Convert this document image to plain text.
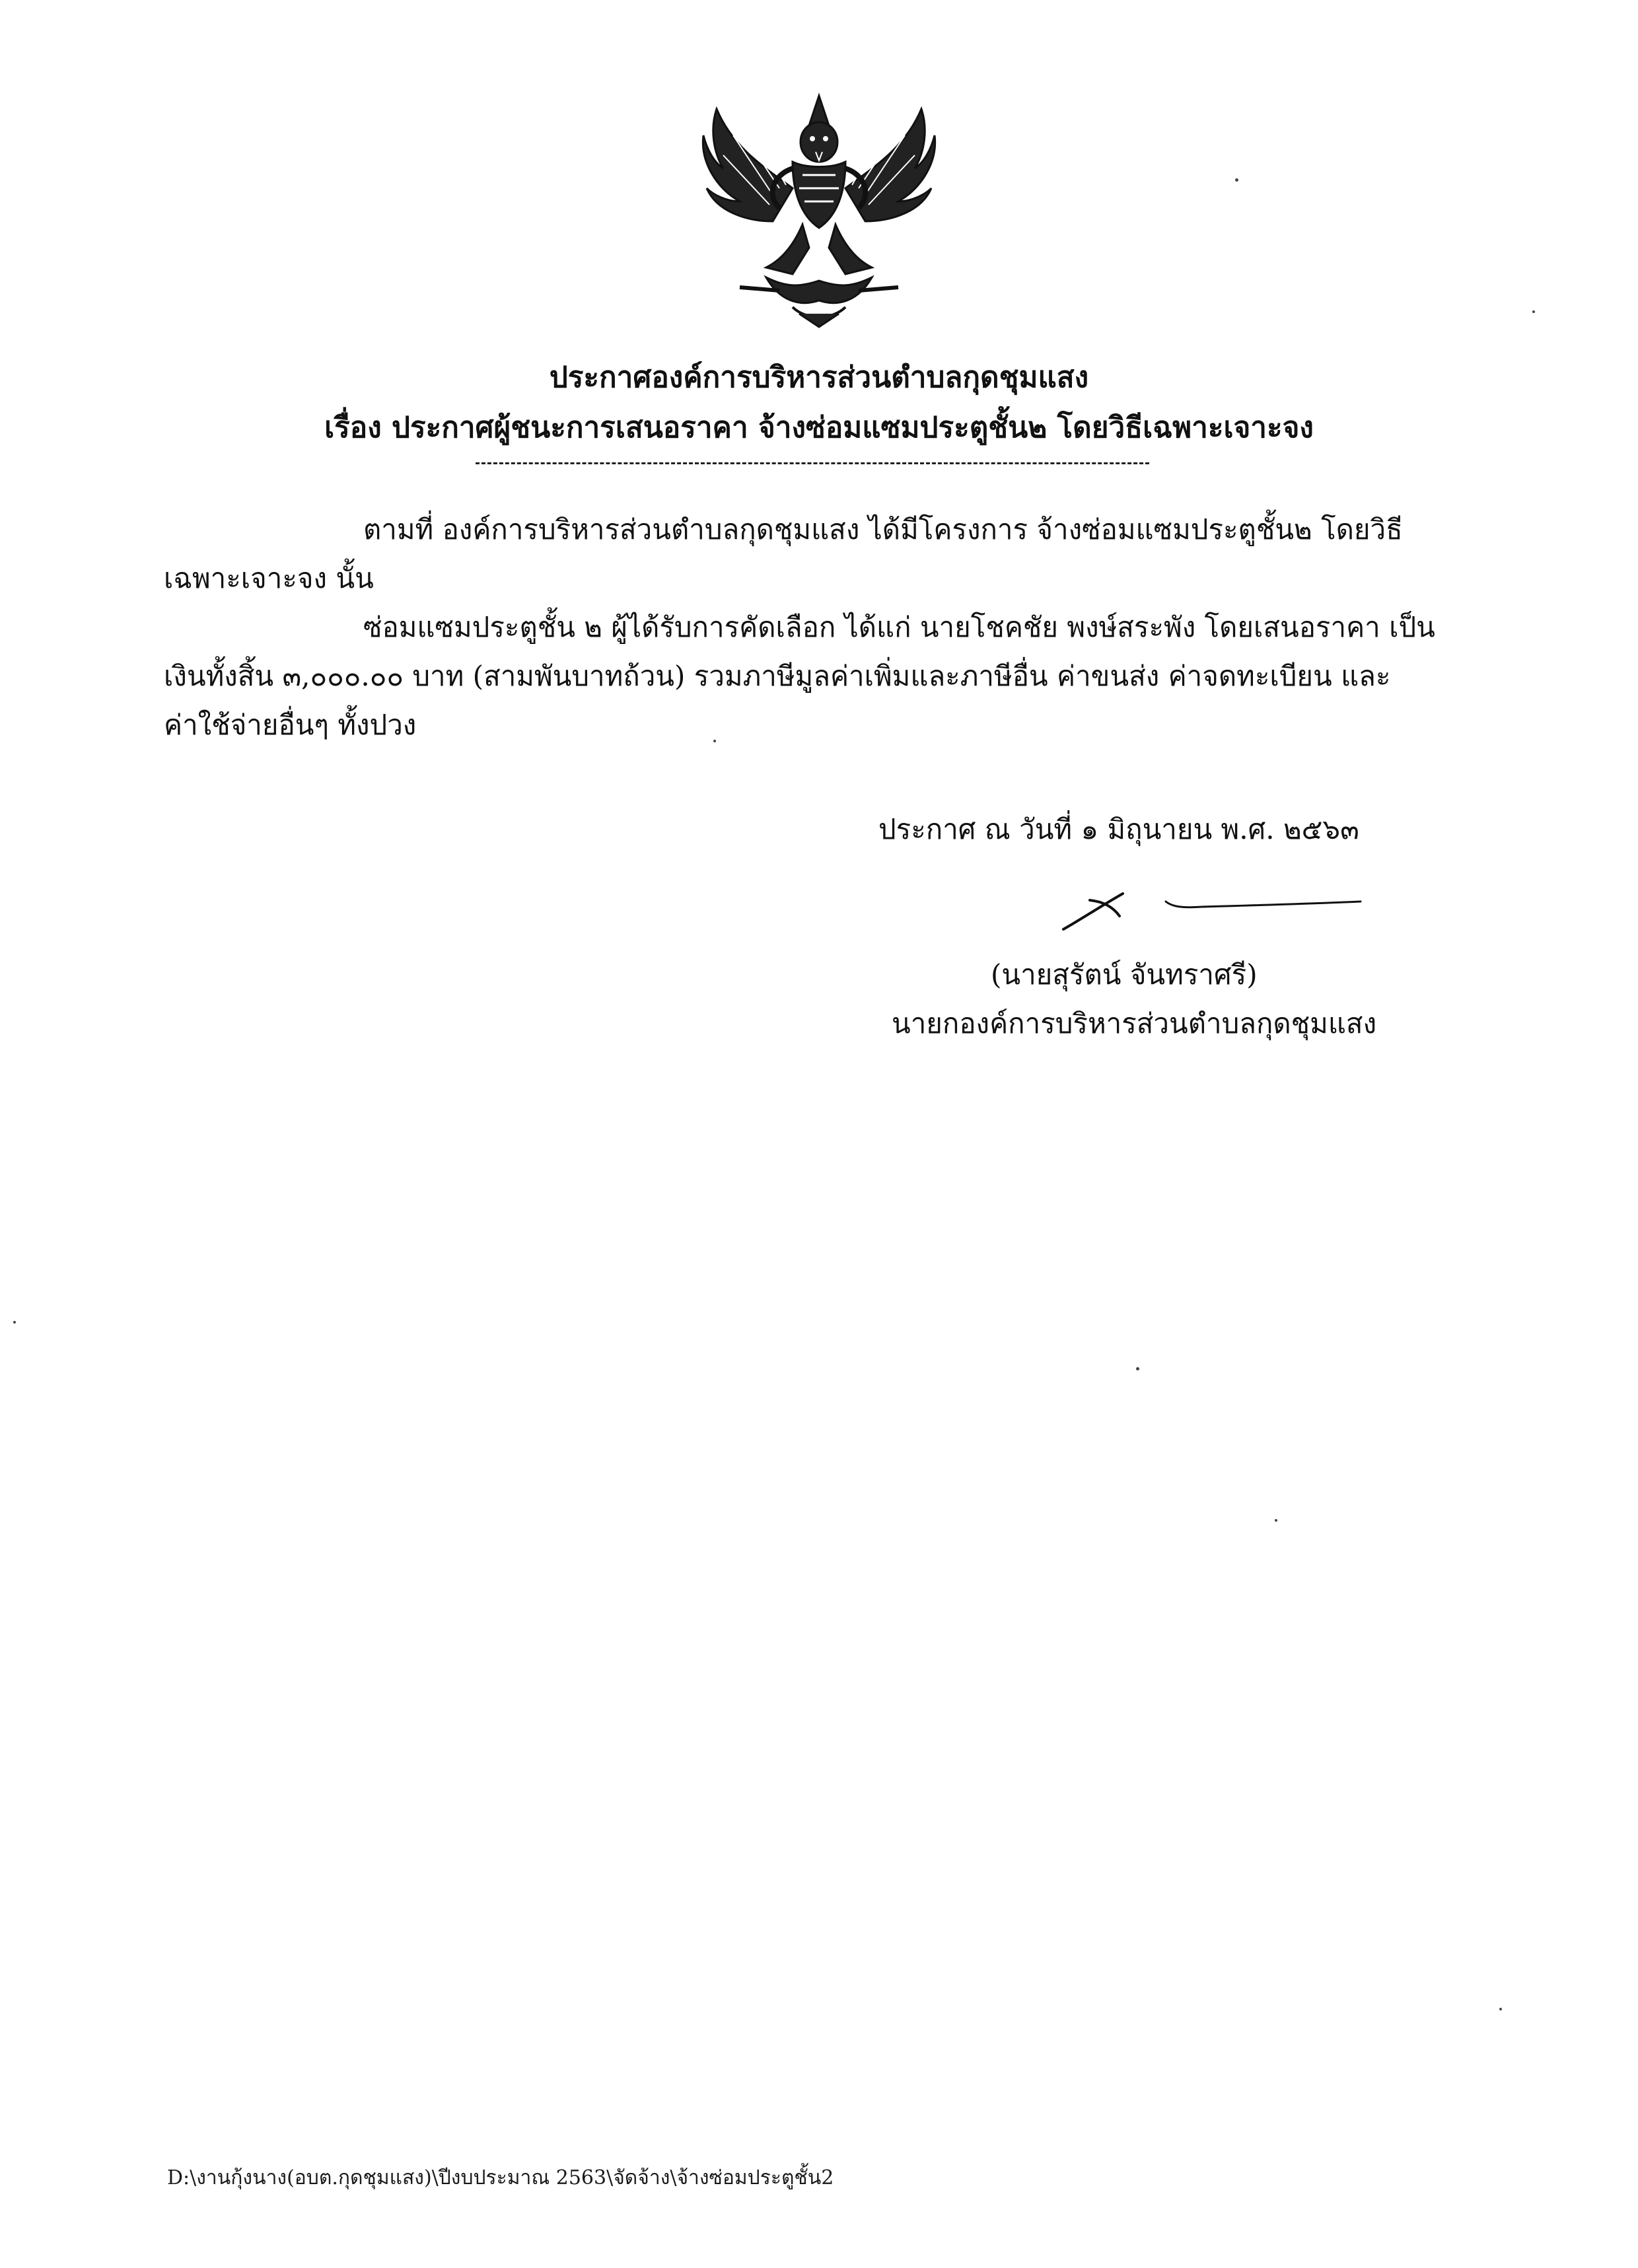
ประกาศองค์การบริหารส่วนตำบลกุดชุมแสง
เรื่อง ประกาศผู้ชนะการเสนอราคา จ้างซ่อมแซมประตูชั้น๒ โดยวิธีเฉพาะเจาะจง
ตามที่ องค์การบริหารส่วนตำบลกุดชุมแสง ได้มีโครงการ จ้างซ่อมแซมประตูชั้น๒ โดยวิธี
เฉพาะเจาะจง นั้น
ซ่อมแซมประตูชั้น ๒ ผู้ได้รับการคัดเลือก ได้แก่ นายโชคชัย พงษ์สระพัง โดยเสนอราคา เป็น
เงินทั้งสิ้น ๓,๐๐๐.๐๐ บาท (สามพันบาทถ้วน) รวมภาษีมูลค่าเพิ่มและภาษีอื่น ค่าขนส่ง ค่าจดทะเบียน และ
ค่าใช้จ่ายอื่นๆ ทั้งปวง
ประกาศ ณ วันที่ ๑ มิถุนายน พ.ศ. ๒๕๖๓
(นายสุรัตน์ จันทราศรี)
นายกองค์การบริหารส่วนตำบลกุดชุมแสง
D:\งานกุ้งนาง(อบต.กุดชุมแสง)\ปีงบประมาณ 2563\จัดจ้าง\จ้างซ่อมประตูชั้น2
